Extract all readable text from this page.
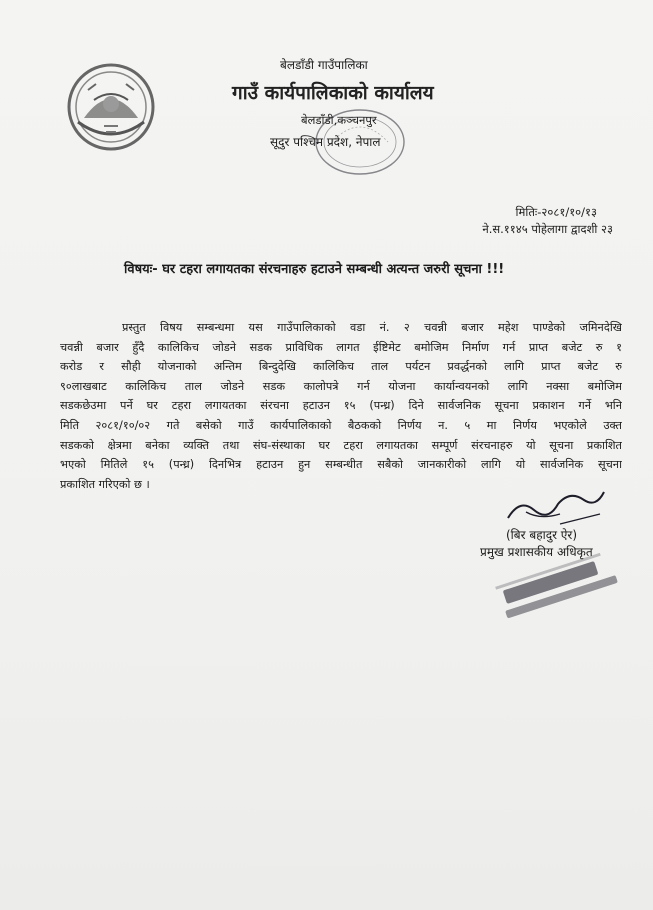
बेलडाँडी गाउँपालिका
गाउँ कार्यपालिकाको कार्यालय
बेलडाँडी,कञ्चनपुर
सूदुर पश्चिम प्रदेश, नेपाल
मितिः-२०८१/१०/१३
ने.स.११४५ पोहेलागा द्वादशी २३
विषयः- घर टहरा लगायतका संरचनाहरु हटाउने सम्बन्धी अत्यन्त जरुरी सूचना !!!
प्रस्तुत विषय सम्बन्धमा यस गाउँपालिकाको वडा नं. २ चवन्नी बजार महेश पाण्डेको जमिनदेखि
चवन्नी बजार हुँदै कालिकिच जोडने सडक प्राविधिक लागत ईष्टिमेट बमोजिम निर्माण गर्न प्राप्त बजेट रु १
करोड र सौही योजनाको अन्तिम बिन्दुदेखि कालिकिच ताल पर्यटन प्रवर्द्धनको लागि प्राप्त बजेट रु
९०लाखबाट कालिकिच ताल जोडने सडक कालोपत्रे गर्न योजना कार्यान्वयनको लागि नक्सा बमोजिम
सडकछेउमा पर्ने घर टहरा लगायतका संरचना हटाउन १५ (पन्ध्र) दिने सार्वजनिक सूचना प्रकाशन गर्ने भनि
मिति २०८१/१०/०२ गते बसेको गाउँ कार्यपालिकाको बैठकको निर्णय न. ५ मा निर्णय भएकोले उक्त
सडकको क्षेत्रमा बनेका व्यक्ति तथा संघ-संस्थाका घर टहरा लगायतका सम्पूर्ण संरचनाहरु यो सूचना प्रकाशित
भएको मितिले १५ (पन्ध्र) दिनभित्र हटाउन हुन सम्बन्धीत सबैको जानकारीको लागि यो सार्वजनिक सूचना
प्रकाशित गरिएको छ ।
(बिर बहादुर ऐर)
प्रमुख प्रशासकीय अधिकृत
